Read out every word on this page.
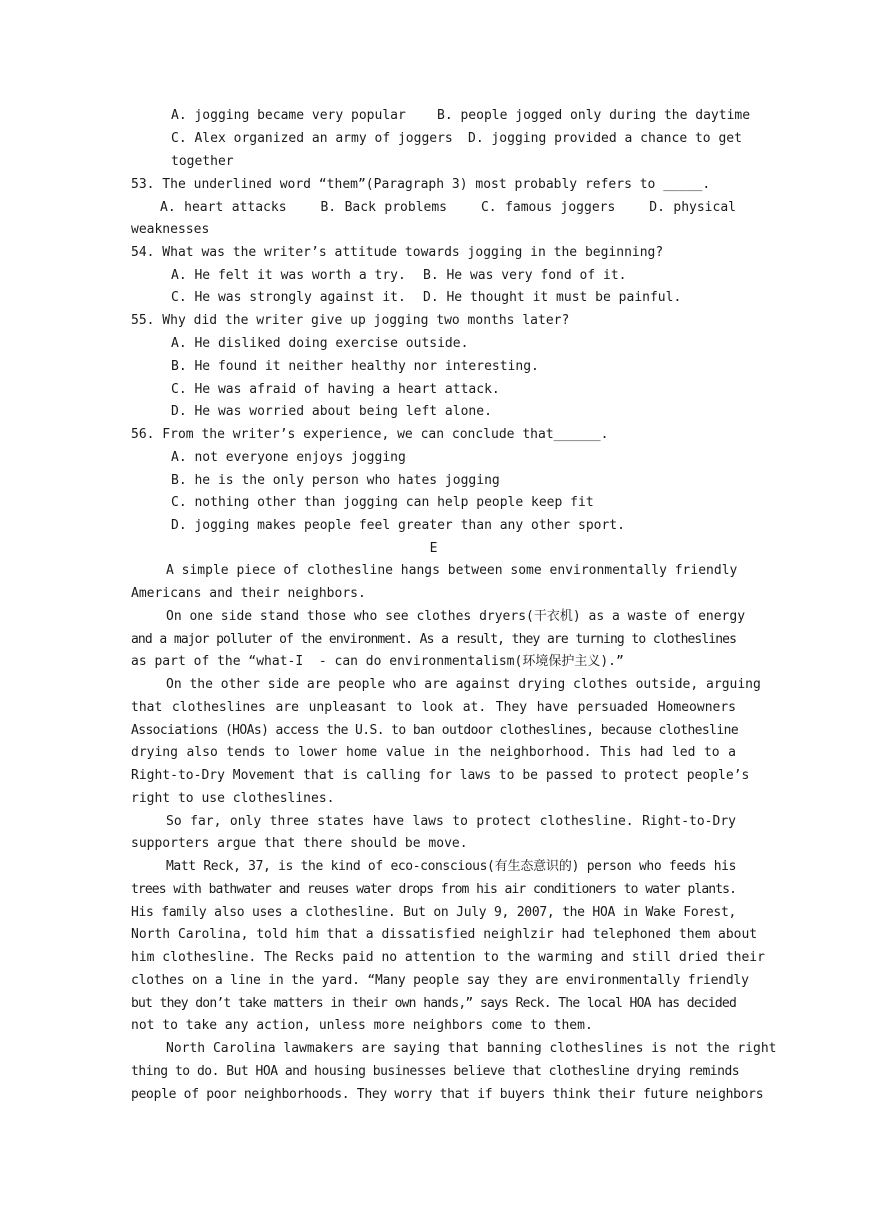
A. jogging became very popular B. people jogged only during the daytime
C. Alex organized an army of joggers D. jogging provided a chance to get
together
53. The underlined word “them”(Paragraph 3) most probably refers to _____.
A. heart attacks    B. Back problems    C. famous joggers    D. physical
weaknesses
54. What was the writer’s attitude towards jogging in the beginning?
A. He felt it was worth a try. B. He was very fond of it.
C. He was strongly against it. D. He thought it must be painful.
55. Why did the writer give up jogging two months later?
A. He disliked doing exercise outside.
B. He found it neither healthy nor interesting.
C. He was afraid of having a heart attack.
D. He was worried about being left alone.
56. From the writer’s experience, we can conclude that______.
A. not everyone enjoys jogging
B. he is the only person who hates jogging
C. nothing other than jogging can help people keep fit
D. jogging makes people feel greater than any other sport.
E
A simple piece of clothesline hangs between some environmentally friendly
Americans and their neighbors.
On one side stand those who see clothes dryers(干衣机) as a waste of energy
and a major polluter of the environment. As a result, they are turning to clotheslines
as part of the “what-I  - can do environmentalism(环境保护主义).”
On the other side are people who are against drying clothes outside, arguing
that clotheslines are unpleasant to look at. They have persuaded Homeowners
Associations (HOAs) access the U.S. to ban outdoor clotheslines, because clothesline
drying also tends to lower home value in the neighborhood. This had led to a
Right-to-Dry Movement that is calling for laws to be passed to protect people’s
right to use clotheslines.
So far, only three states have laws to protect clothesline. Right-to-Dry
supporters argue that there should be move.
Matt Reck, 37, is the kind of eco-conscious(有生态意识的) person who feeds his
trees with bathwater and reuses water drops from his air conditioners to water plants.
His family also uses a clothesline. But on July 9, 2007, the HOA in Wake Forest,
North Carolina, told him that a dissatisfied neighlzir had telephoned them about
him clothesline. The Recks paid no attention to the warming and still dried their
clothes on a line in the yard. “Many people say they are environmentally friendly
but they don’t take matters in their own hands,” says Reck. The local HOA has decided
not to take any action, unless more neighbors come to them.
North Carolina lawmakers are saying that banning clotheslines is not the right
thing to do. But HOA and housing businesses believe that clothesline drying reminds
people of poor neighborhoods. They worry that if buyers think their future neighbors
